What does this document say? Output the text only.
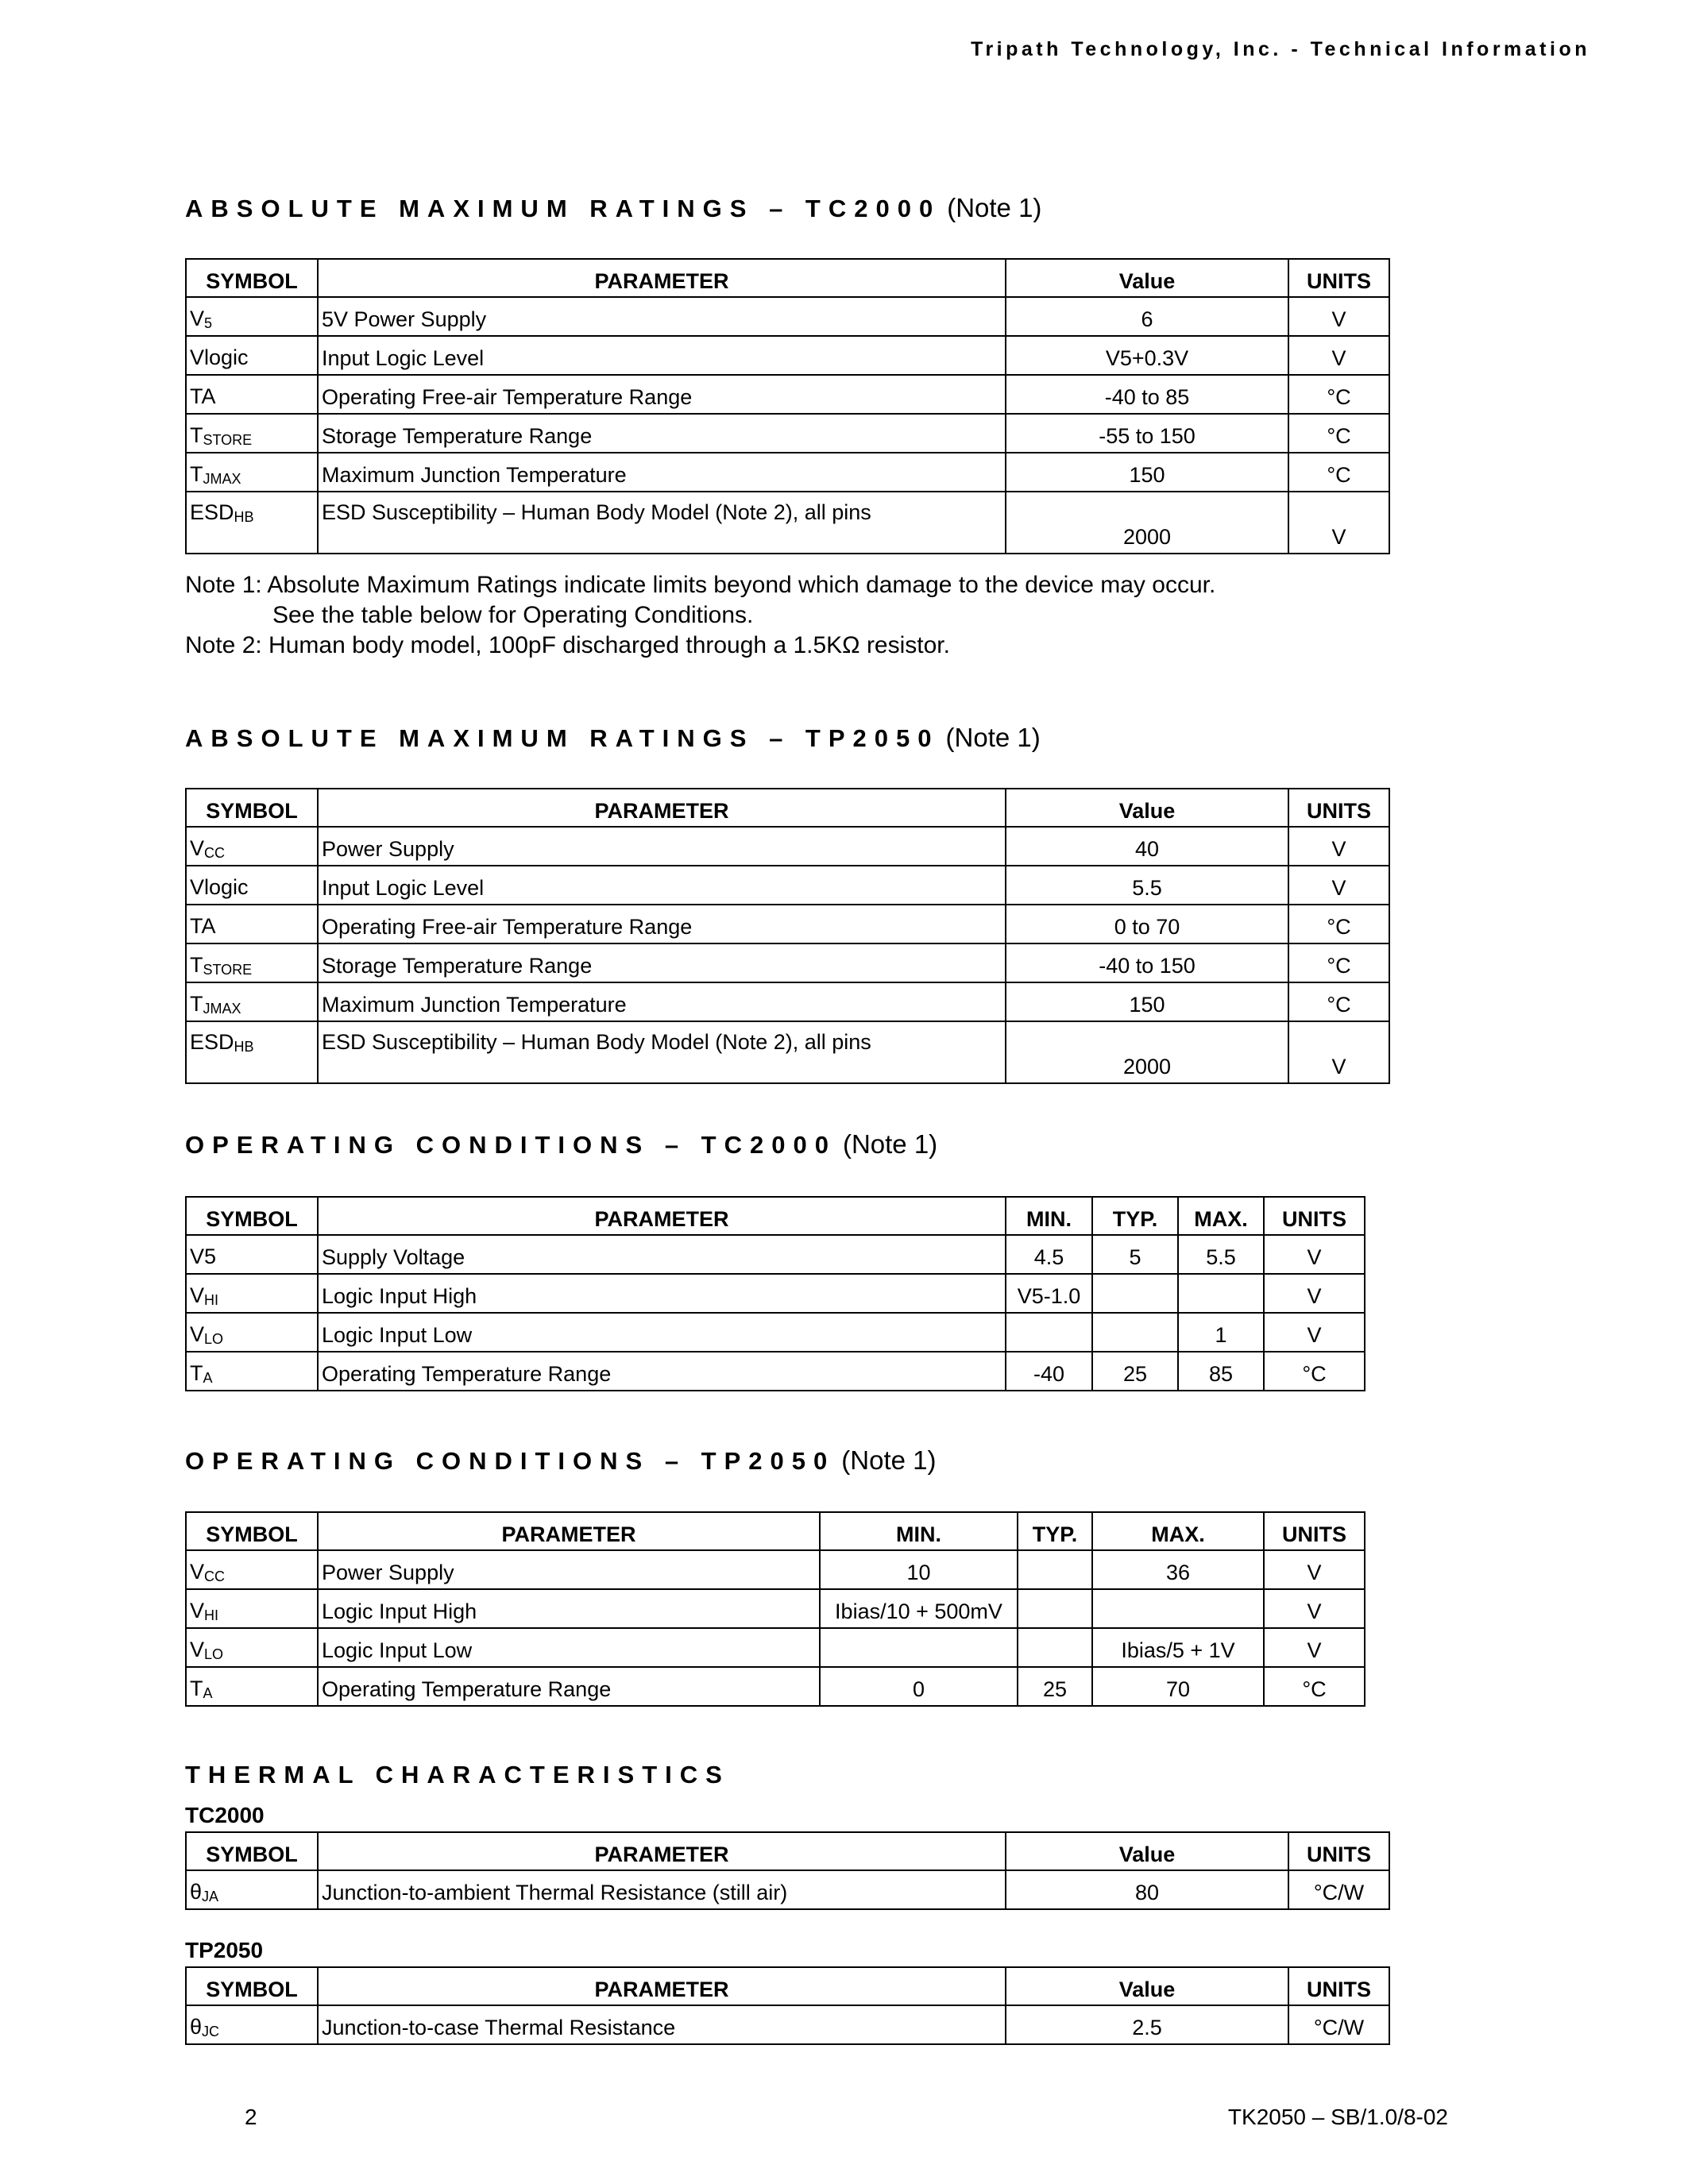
Tripath Technology, Inc. - Technical Information
ABSOLUTE MAXIMUM RATINGS – TC2000 (Note 1)
SYMBOL	PARAMETER	Value	UNITS
$V_5$	5V Power Supply	6	V
Vlogic	Input Logic Level	V5+0.3V	V
TA	Operating Free-air Temperature Range	-40 to 85	°C
$T_{STORE}$	Storage Temperature Range	-55 to 150	°C
$T_{JMAX}$	Maximum Junction Temperature	150	°C
$ESD_{HB}$	ESD Susceptibility – Human Body Model (Note 2), all pins	2000	V
Note 1: Absolute Maximum Ratings indicate limits beyond which damage to the device may occur.
See the table below for Operating Conditions.
Note 2: Human body model, 100pF discharged through a 1.5KΩ resistor.
ABSOLUTE MAXIMUM RATINGS – TP2050 (Note 1)
SYMBOL	PARAMETER	Value	UNITS
$V_{CC}$	Power Supply	40	V
Vlogic	Input Logic Level	5.5	V
TA	Operating Free-air Temperature Range	0 to 70	°C
$T_{STORE}$	Storage Temperature Range	-40 to 150	°C
$T_{JMAX}$	Maximum Junction Temperature	150	°C
$ESD_{HB}$	ESD Susceptibility – Human Body Model (Note 2), all pins	2000	V
OPERATING CONDITIONS – TC2000 (Note 1)
SYMBOL	PARAMETER	MIN.	TYP.	MAX.	UNITS
V5	Supply Voltage	4.5	5	5.5	V
$V_{HI}$	Logic Input High	V5-1.0			V
$V_{LO}$	Logic Input Low			1	V
$T_A$	Operating Temperature Range	-40	25	85	°C
OPERATING CONDITIONS – TP2050 (Note 1)
SYMBOL	PARAMETER	MIN.	TYP.	MAX.	UNITS
$V_{CC}$	Power Supply	10		36	V
$V_{HI}$	Logic Input High	Ibias/10 + 500mV			V
$V_{LO}$	Logic Input Low			Ibias/5 + 1V	V
$T_A$	Operating Temperature Range	0	25	70	°C
THERMAL CHARACTERISTICS
TC2000
SYMBOL	PARAMETER	Value	UNITS
$\theta_{JA}$	Junction-to-ambient Thermal Resistance (still air)	80	°C/W
TP2050
SYMBOL	PARAMETER	Value	UNITS
$\theta_{JC}$	Junction-to-case Thermal Resistance	2.5	°C/W
2	TK2050 – SB/1.0/8-02
